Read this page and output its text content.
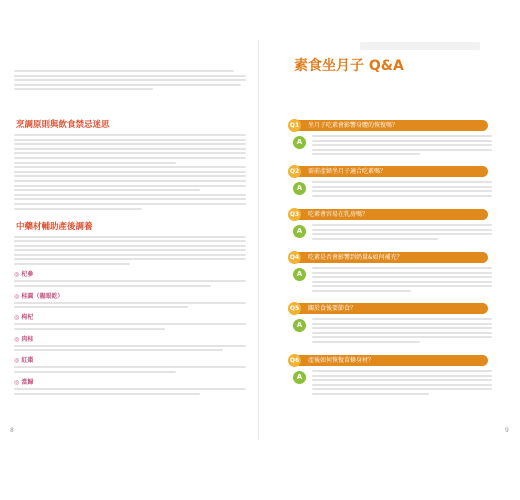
烹調原則與飲食禁忌迷思
中藥材輔助產後調養
◎ 杞參
◎ 桂圓（龍眼乾）
◎ 枸杞
◎ 肉桂
◎ 紅棗
◎ 當歸
8
素食坐月子 Q&A
Q1	坐月子吃素會影響身體的恢復嗎？
A
Q2	需前產婦坐月子適合吃素嗎？
A
Q3	吃素會容易在乳房嗎？
A
Q4	吃素是否會影響到奶量&如何補充？
A
Q5	關於食後要節食？
A
Q6	產後如何恢復苗條身材？
A
9
